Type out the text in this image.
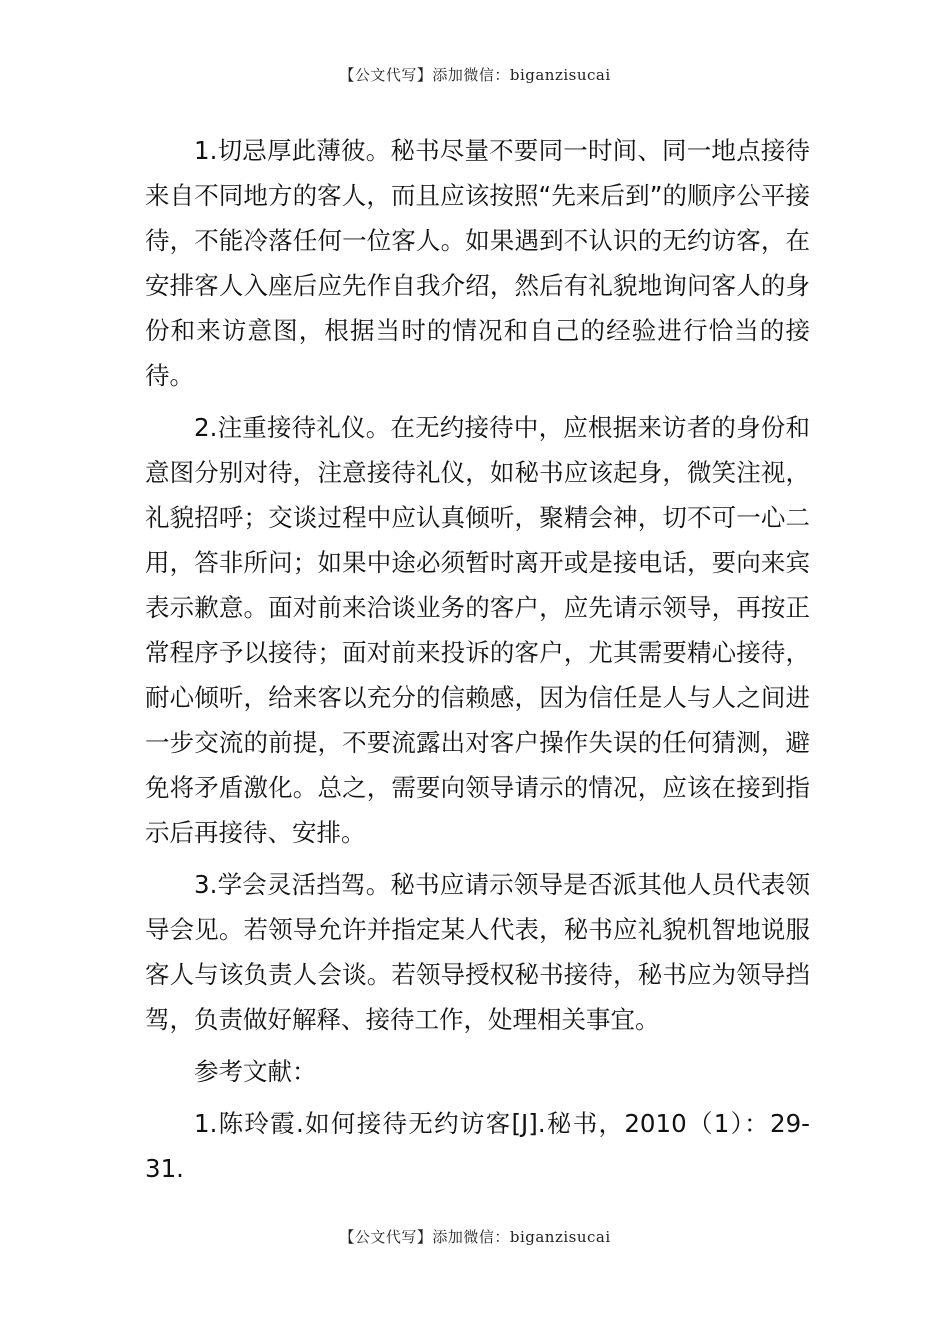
【公文代写】添加微信：biganzisucai

1.切忌厚此薄彼。秘书尽量不要同一时间、同一地点接待来自不同地方的客人，而且应该按照“先来后到”的顺序公平接待，不能冷落任何一位客人。如果遇到不认识的无约访客，在安排客人入座后应先作自我介绍，然后有礼貌地询问客人的身份和来访意图，根据当时的情况和自己的经验进行恰当的接待。

2.注重接待礼仪。在无约接待中，应根据来访者的身份和意图分别对待，注意接待礼仪，如秘书应该起身，微笑注视，礼貌招呼；交谈过程中应认真倾听，聚精会神，切不可一心二用，答非所问；如果中途必须暂时离开或是接电话，要向来宾表示歉意。面对前来洽谈业务的客户，应先请示领导，再按正常程序予以接待；面对前来投诉的客户，尤其需要精心接待，耐心倾听，给来客以充分的信赖感，因为信任是人与人之间进一步交流的前提，不要流露出对客户操作失误的任何猜测，避免将矛盾激化。总之，需要向领导请示的情况，应该在接到指示后再接待、安排。

3.学会灵活挡驾。秘书应请示领导是否派其他人员代表领导会见。若领导允许并指定某人代表，秘书应礼貌机智地说服客人与该负责人会谈。若领导授权秘书接待，秘书应为领导挡驾，负责做好解释、接待工作，处理相关事宜。

参考文献：

1.陈玲霞.如何接待无约访客[J].秘书，2010（1）：29-31.

【公文代写】添加微信：biganzisucai
